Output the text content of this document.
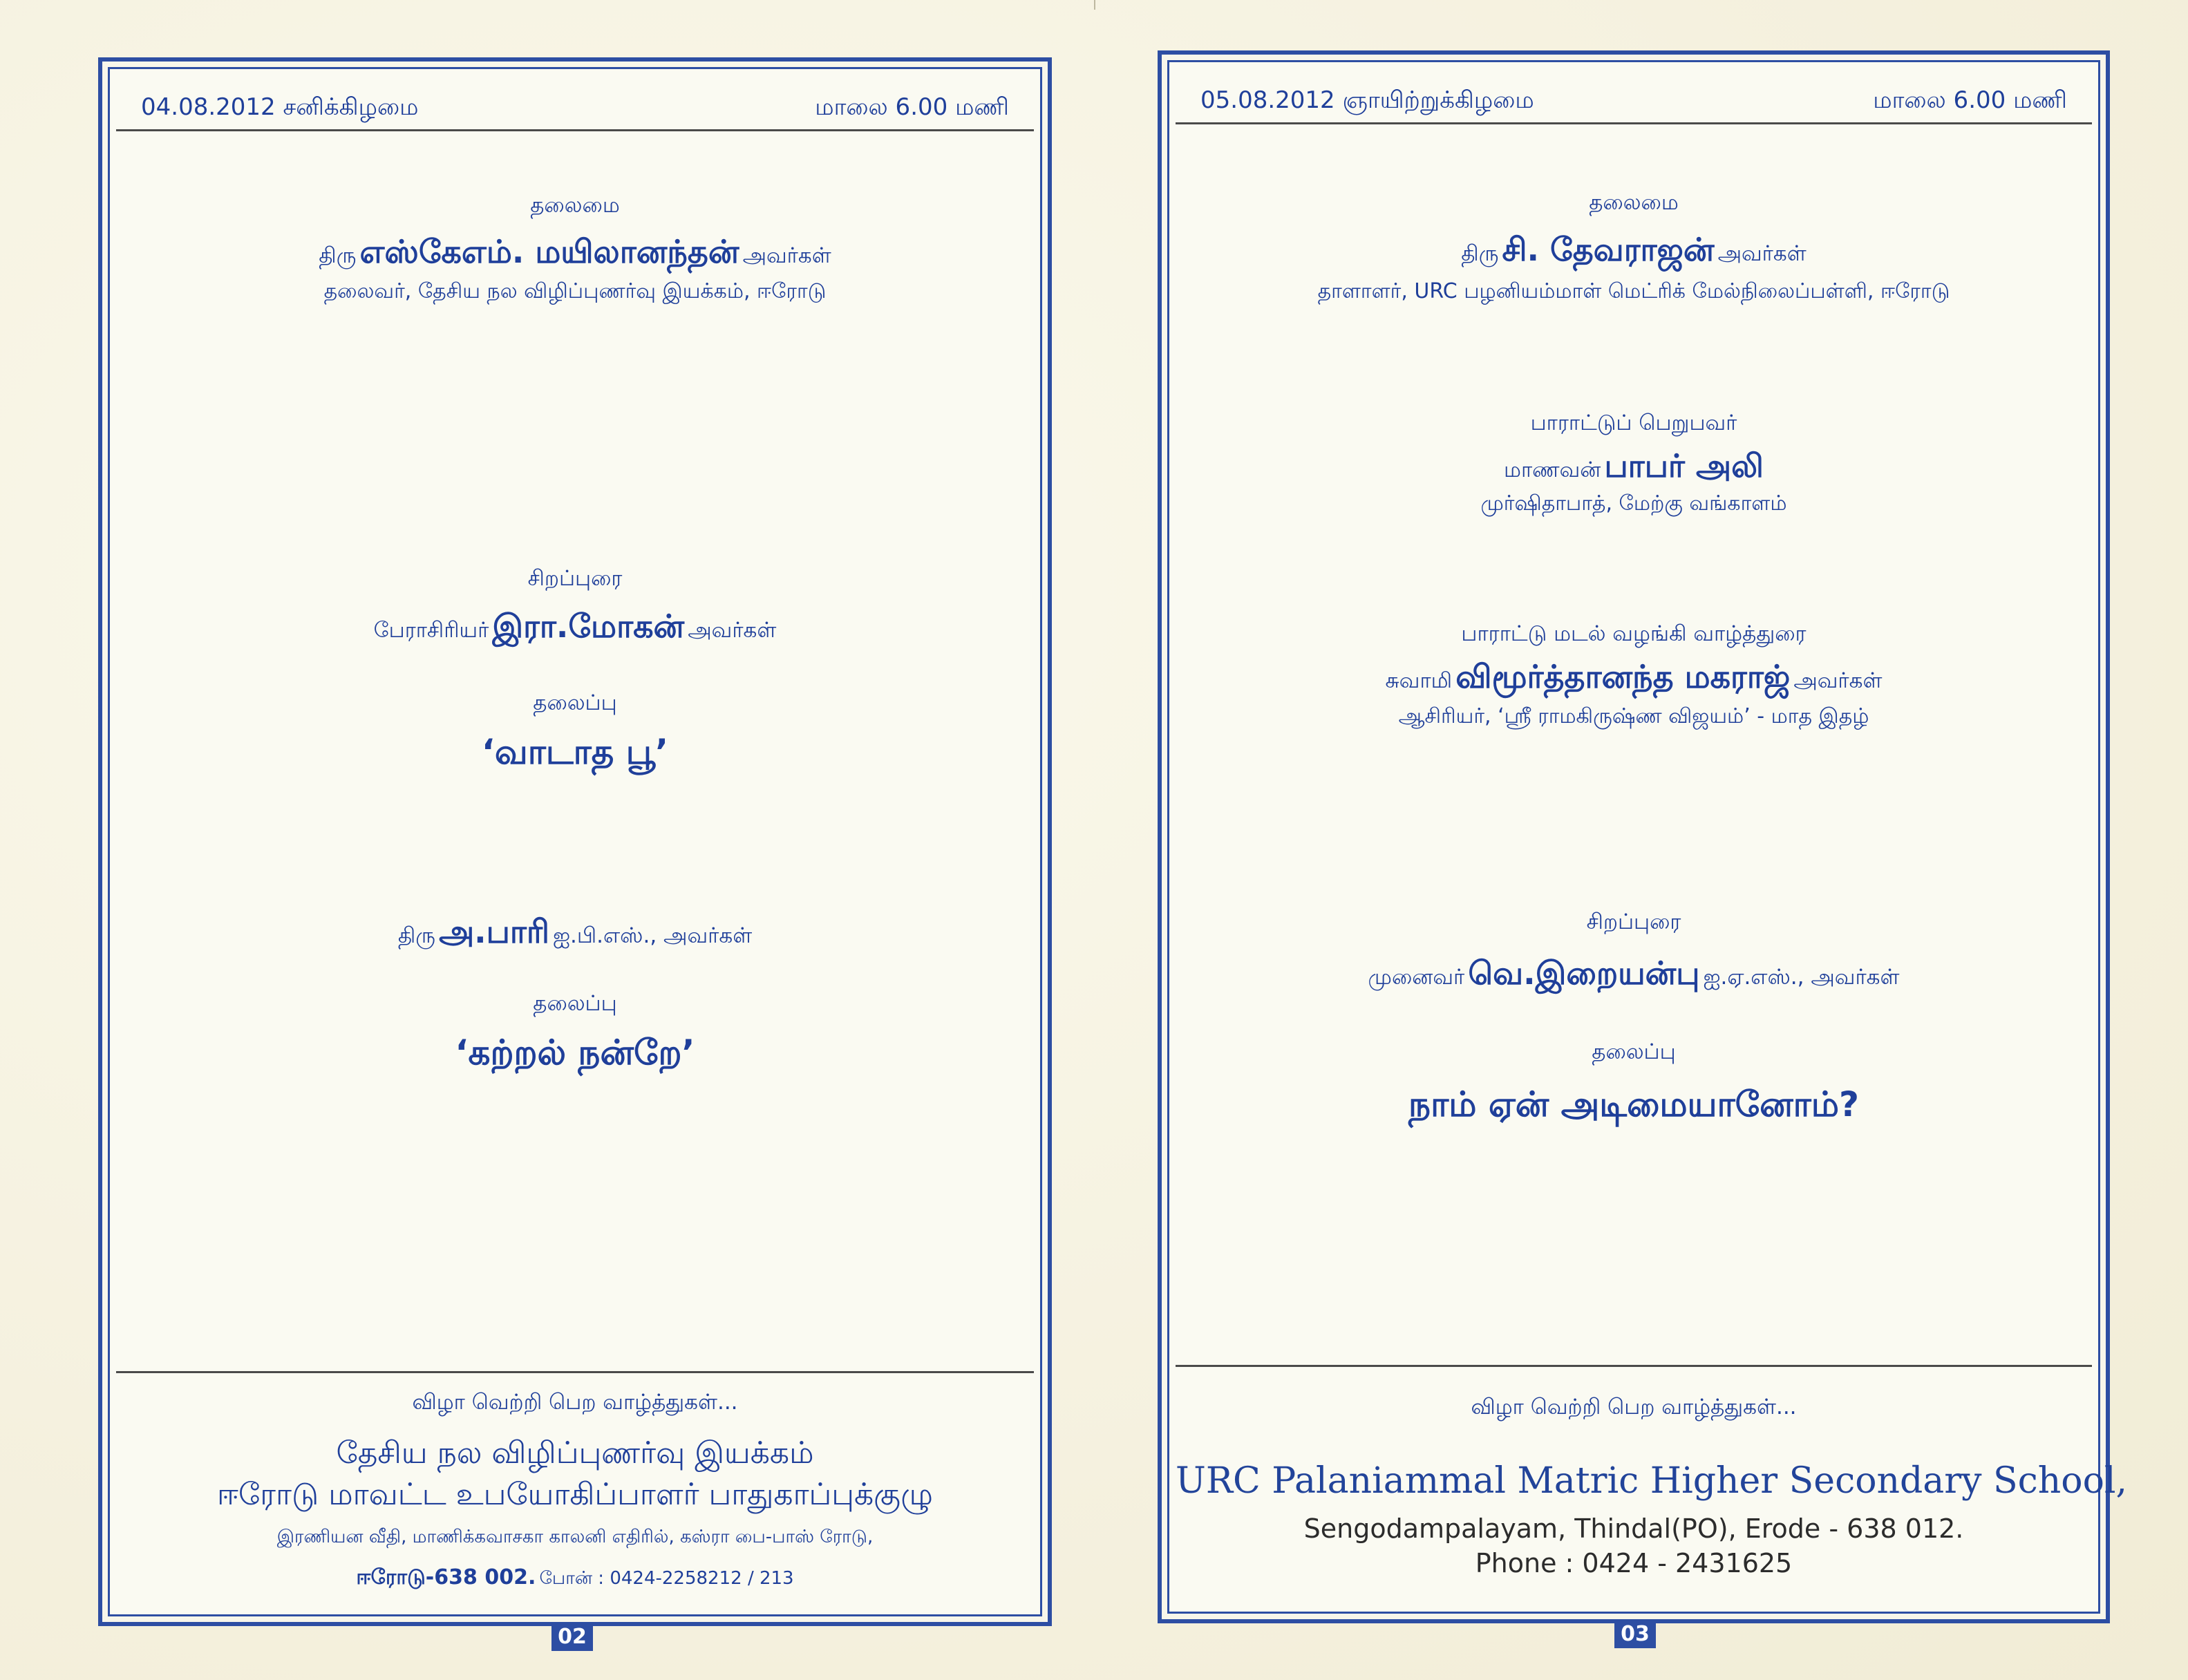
04.08.2012 சனிக்கிழமை	மாலை 6.00 மணி
தலைமை
திரு எஸ்கேஎம். மயிலானந்தன் அவர்கள்
தலைவர், தேசிய நல விழிப்புணர்வு இயக்கம், ஈரோடு
சிறப்புரை
பேராசிரியர் இரா.மோகன் அவர்கள்
தலைப்பு
‘வாடாத பூ’
திரு அ.பாரி ஐ.பி.எஸ்., அவர்கள்
தலைப்பு
‘கற்றல் நன்றே’
விழா வெற்றி பெற வாழ்த்துகள்...
தேசிய நல விழிப்புணர்வு இயக்கம்
ஈரோடு மாவட்ட உபயோகிப்பாளர் பாதுகாப்புக்குழு
இரணியன வீதி, மாணிக்கவாசகா காலனி எதிரில், கஸ்ரா பை-பாஸ் ரோடு,
ஈரோடு-638 002. போன் : 0424-2258212 / 213
02
05.08.2012 ஞாயிற்றுக்கிழமை	மாலை 6.00 மணி
தலைமை
திரு சி. தேவராஜன் அவர்கள்
தாளாளர், URC பழனியம்மாள் மெட்ரிக் மேல்நிலைப்பள்ளி, ஈரோடு
பாராட்டுப் பெறுபவர்
மாணவன் பாபர் அலி
முர்ஷிதாபாத், மேற்கு வங்காளம்
பாராட்டு மடல் வழங்கி வாழ்த்துரை
சுவாமி விமூர்த்தானந்த மகராஜ் அவர்கள்
ஆசிரியர், ‘ஸ்ரீ ராமகிருஷ்ண விஜயம்’ - மாத இதழ்
சிறப்புரை
முனைவர் வெ.இறையன்பு ஐ.ஏ.எஸ்., அவர்கள்
தலைப்பு
நாம் ஏன் அடிமையானோம்?
விழா வெற்றி பெற வாழ்த்துகள்...
URC Palaniammal Matric Higher Secondary School,
Sengodampalayam, Thindal(PO), Erode - 638 012.
Phone : 0424 - 2431625
03
